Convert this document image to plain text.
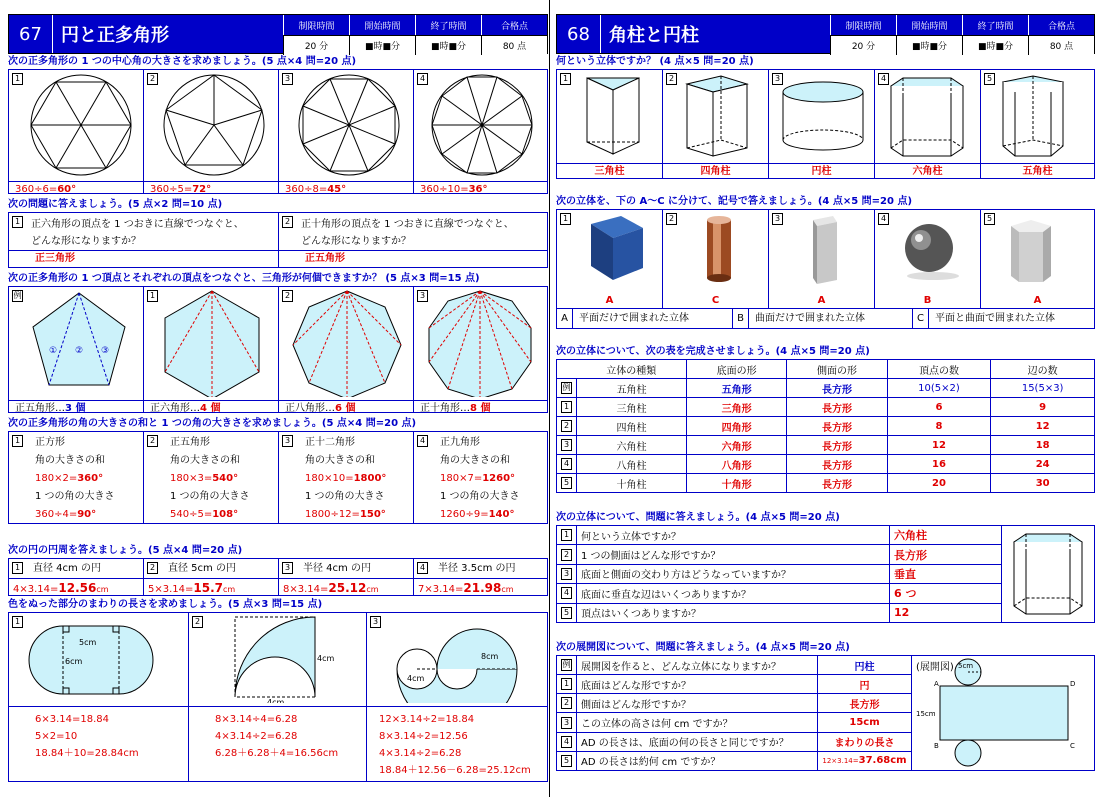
67	円と正多角形	制限時間	開始時間	終了時間	合格点
20 分	■時■分	■時■分	80 点
次の正多角形の 1 つの中心角の大きさを求めましょう。(5 点×4 問=20 点)
1
360÷6=60°
2
360÷5=72°
3
360÷8=45°
4
360÷10=36°
次の問題に答えましょう。(5 点×2 問=10 点)
1 正六角形の頂点を 1 つおきに直線でつなぐと、
どんな形になりますか？
正三角形
2 正十角形の頂点を 1 つおきに直線でつなぐと、
どんな形になりますか？
正五角形
次の正多角形の 1 つ頂点とそれぞれの頂点をつなぐと、三角形が何個できますか？ (5 点×3 問=15 点)
例
① ② ③
正五角形…3 個
1
正六角形…4 個
2
正八角形…6 個
3
正十角形…8 個
次の正多角形の角の大きさの和と 1 つの角の大きさを求めましょう。(5 点×4 問=20 点)
1 正方形
角の大きさの和
180×2=360°
1 つの角の大きさ
360÷4=90°
2 正五角形
角の大きさの和
180×3=540°
1 つの角の大きさ
540÷5=108°
3 正十二角形
角の大きさの和
180×10=1800°
1 つの角の大きさ
1800÷12=150°
4 正九角形
角の大きさの和
180×7=1260°
1 つの角の大きさ
1260÷9=140°
次の円の円周を答えましょう。(5 点×4 問=20 点)
1 直径 4cm の円
4×3.14=12.56cm
2 直径 5cm の円
5×3.14=15.7cm
3 半径 4cm の円
8×3.14=25.12cm
4 半径 3.5cm の円
7×3.14=21.98cm
色をぬった部分のまわりの長さを求めましょう。(5 点×3 問=15 点)
1
5cm
6cm
6×3.14=18.84
5×2=10
18.84＋10=28.84cm
2
4cm
4cm
8×3.14÷4=6.28
4×3.14÷2=6.28
6.28＋6.28＋4=16.56cm
3
8cm
4cm
12×3.14÷2=18.84
8×3.14÷2=12.56
4×3.14÷2=6.28
18.84＋12.56－6.28=25.12cm
68	角柱と円柱	制限時間	開始時間	終了時間	合格点
20 分	■時■分	■時■分	80 点
何という立体ですか？ (4 点×5 問=20 点)
1
三角柱
2
四角柱
3
円柱
4
六角柱
5
五角柱
次の立体を、下の A～C に分けて、記号で答えましょう。(4 点×5 問=20 点)
1
A
2
C
3
A
4
B
5
A
A	平面だけで囲まれた立体	B	曲面だけで囲まれた立体	C	平面と曲面で囲まれた立体
次の立体について、次の表を完成させましょう。(4 点×5 問=20 点)
	立体の種類	底面の形	側面の形	頂点の数	辺の数
例	五角柱	五角形	長方形	10(5×2)	15(5×3)
1	三角柱	三角形	長方形	6	9
2	四角柱	四角形	長方形	8	12
3	六角柱	六角形	長方形	12	18
4	八角柱	八角形	長方形	16	24
5	十角柱	十角形	長方形	20	30
次の立体について、問題に答えましょう。(4 点×5 問=20 点)
1	何という立体ですか？	六角柱
2	1 つの側面はどんな形ですか？	長方形
3	底面と側面の交わり方はどうなっていますか？	垂直
4	底面に垂直な辺はいくつありますか？	6 つ
5	頂点はいくつありますか？	12
次の展開図について、問題に答えましょう。(4 点×5 問=20 点)
例	展開図を作ると、どんな立体になりますか？	円柱
1	底面はどんな形ですか？	円
2	側面はどんな形ですか？	長方形
3	この立体の高さは何 cm ですか？	15cm
4	AD の長さは、底面の何の長さと同じですか？	まわりの長さ
5	AD の長さは約何 cm ですか？	12×3.14=37.68cm
(展開図) 5cm
15cm
A
B	C
D
